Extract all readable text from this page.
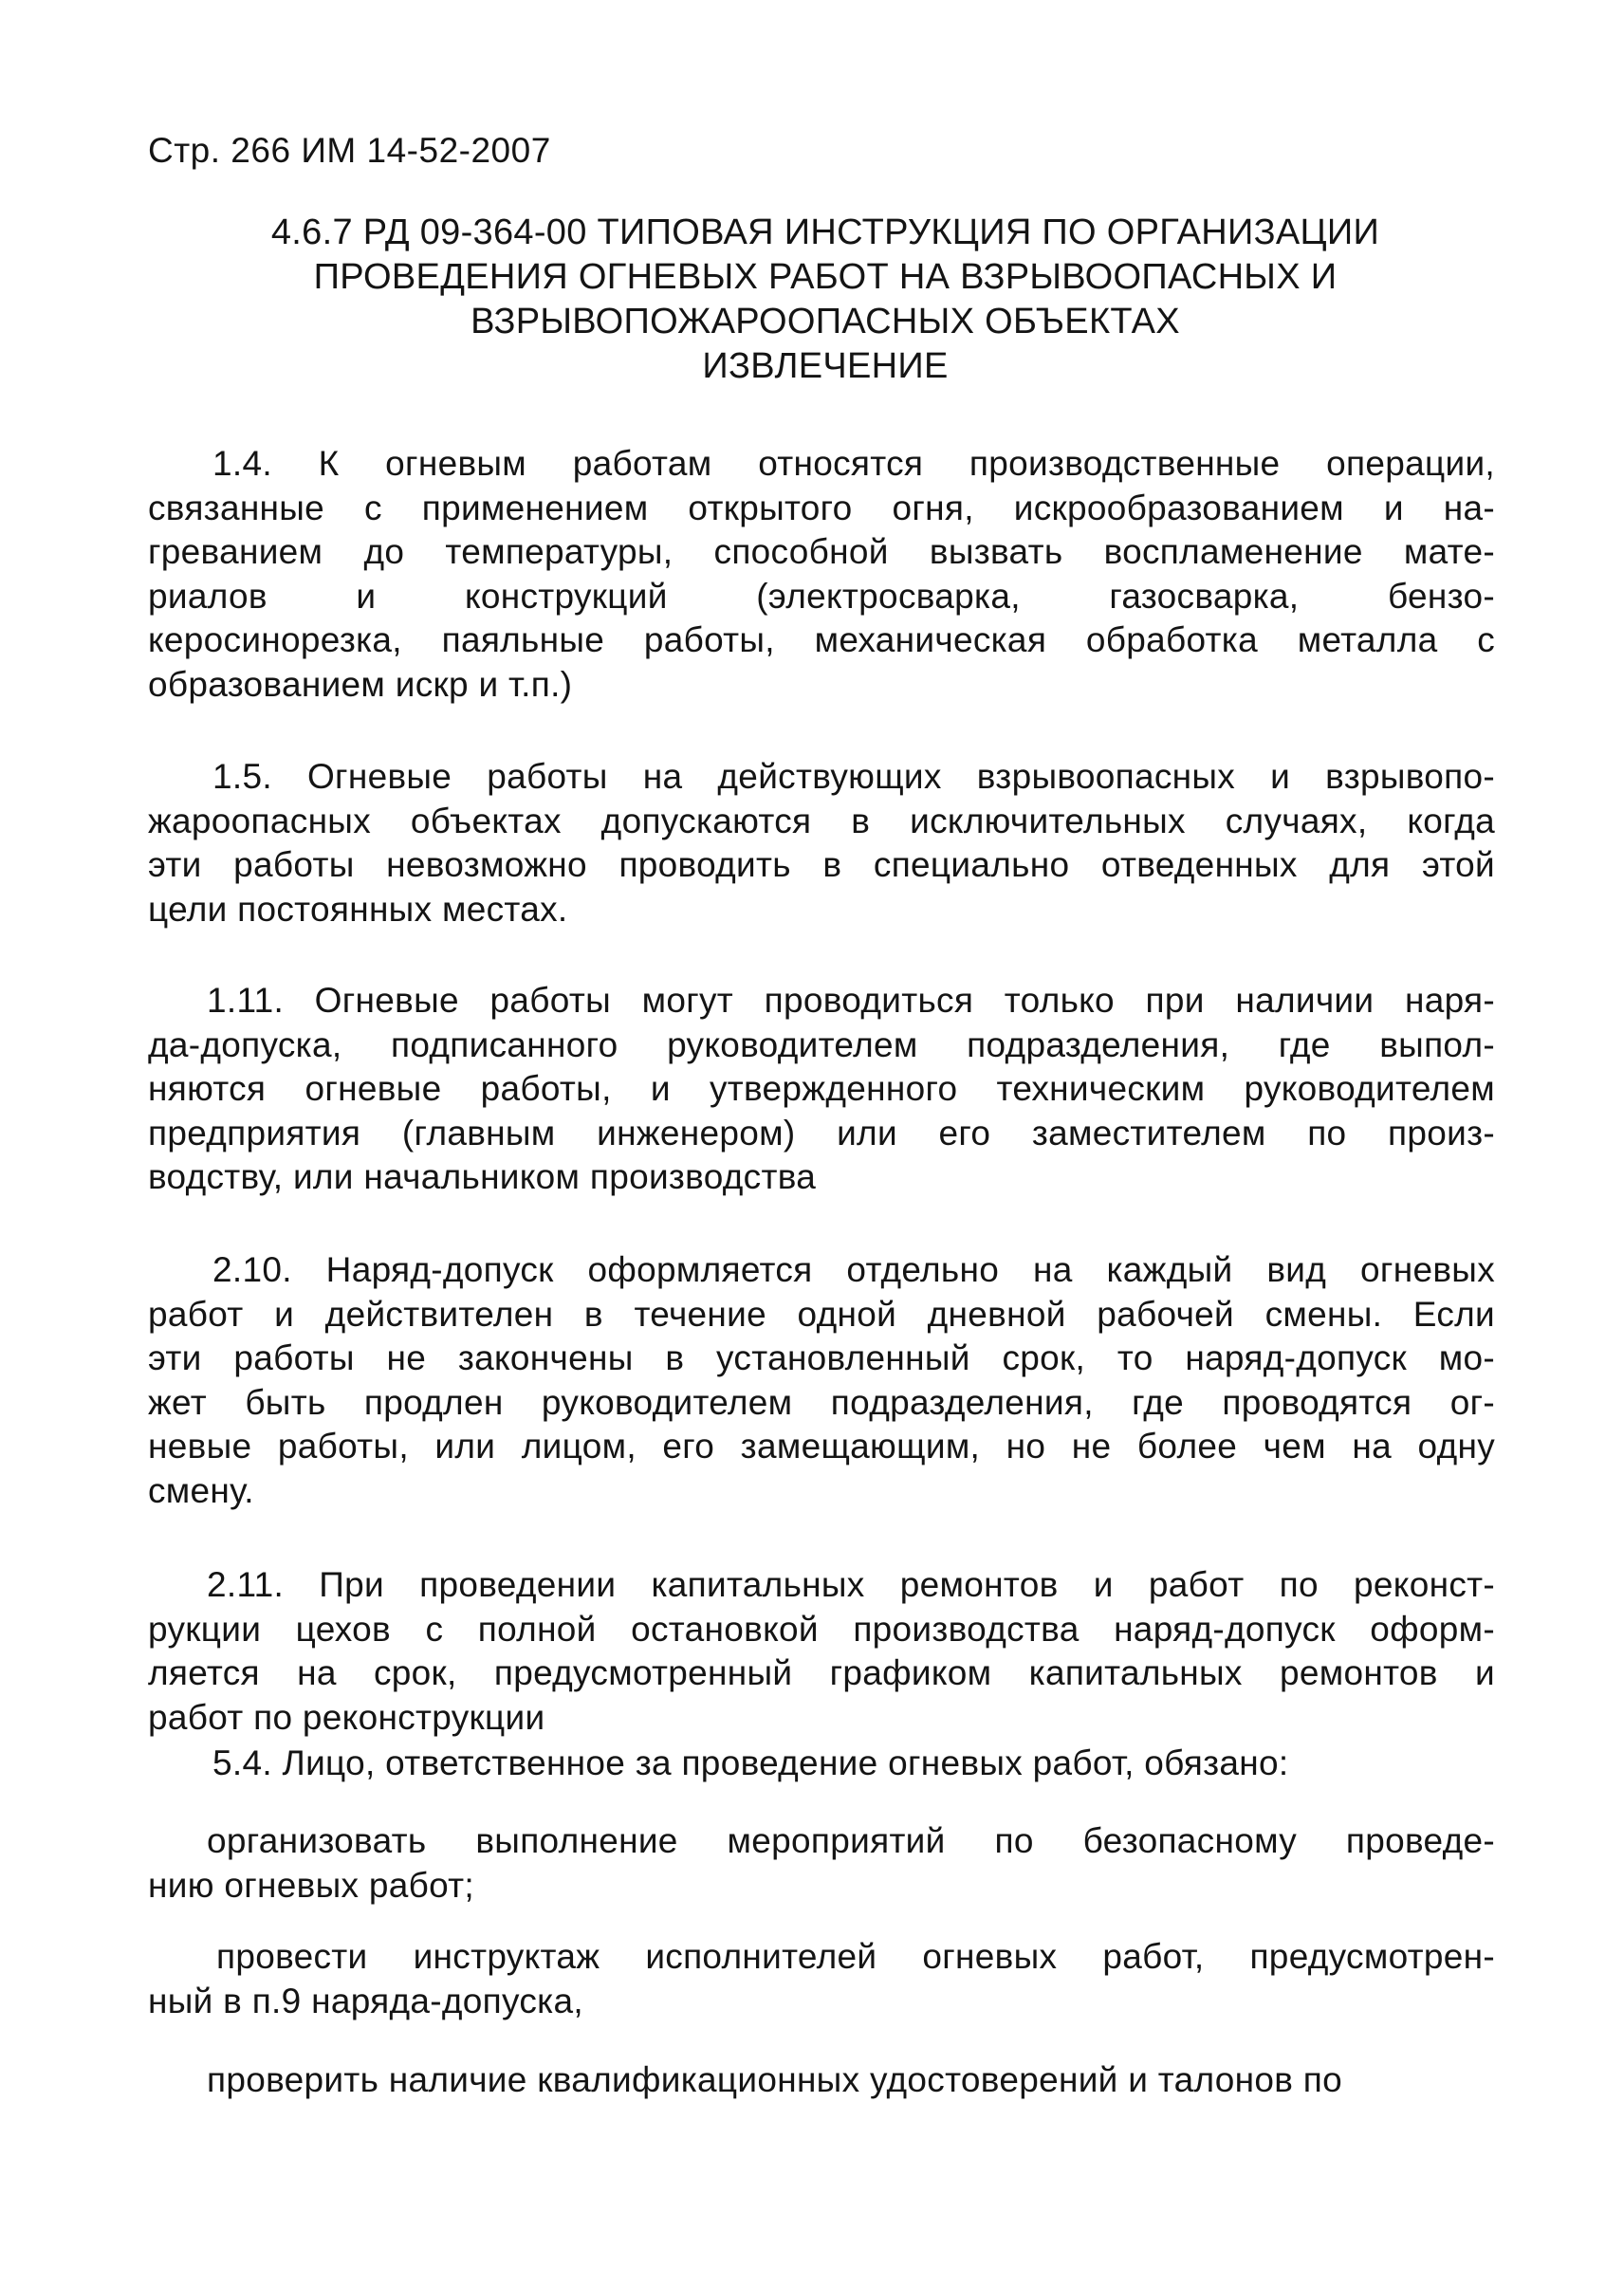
Стр. 266 ИМ 14-52-2007
4.6.7 РД 09-364-00 ТИПОВАЯ ИНСТРУКЦИЯ ПО ОРГАНИЗАЦИИ
ПРОВЕДЕНИЯ ОГНЕВЫХ РАБОТ НА ВЗРЫВООПАСНЫХ И
ВЗРЫВОПОЖАРООПАСНЫХ ОБЪЕКТАХ
ИЗВЛЕЧЕНИЕ
1.4. К огневым работам относятся производственные операции,
связанные с применением открытого огня, искрообразованием и на-
греванием до температуры, способной вызвать воспламенение мате-
риалов и конструкций (электросварка, газосварка, бензо-
керосинорезка, паяльные работы, механическая обработка металла с
образованием искр и т.п.)
1.5. Огневые работы на действующих взрывоопасных и взрывопо-
жароопасных объектах допускаются в исключительных случаях, когда
эти работы невозможно проводить в специально отведенных для этой
цели постоянных местах.
1.11. Огневые работы могут проводиться только при наличии наря-
да-допуска, подписанного руководителем подразделения, где выпол-
няются огневые работы, и утвержденного техническим руководителем
предприятия (главным инженером) или его заместителем по произ-
водству, или начальником производства
2.10. Наряд-допуск оформляется отдельно на каждый вид огневых
работ и действителен в течение одной дневной рабочей смены. Если
эти работы не закончены в установленный срок, то наряд-допуск мо-
жет быть продлен руководителем подразделения, где проводятся ог-
невые работы, или лицом, его замещающим, но не более чем на одну
смену.
2.11. При проведении капитальных ремонтов и работ по реконст-
рукции цехов с полной остановкой производства наряд-допуск оформ-
ляется на срок, предусмотренный графиком капитальных ремонтов и
работ по реконструкции
5.4. Лицо, ответственное за проведение огневых работ, обязано:
организовать выполнение мероприятий по безопасному проведе-
нию огневых работ;
провести инструктаж исполнителей огневых работ, предусмотрен-
ный в п.9 наряда-допуска,
проверить наличие квалификационных удостоверений и талонов по
